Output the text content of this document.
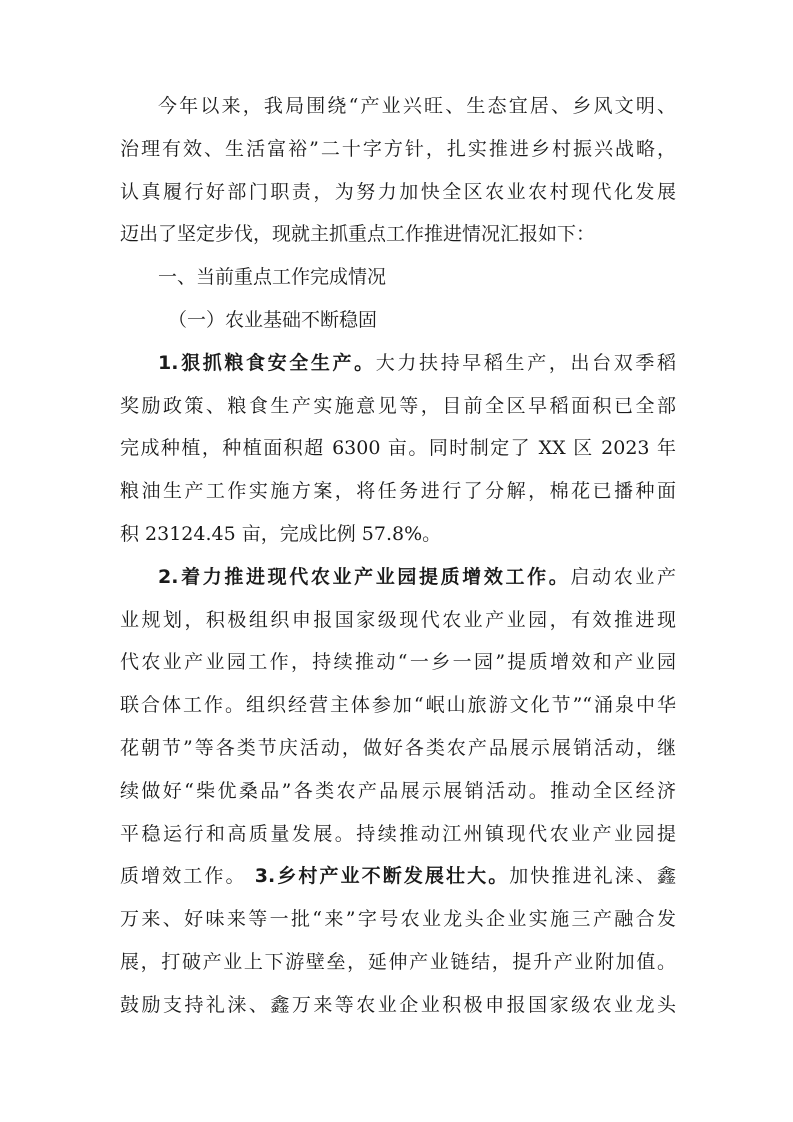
今年以来，我局围绕“产业兴旺、生态宜居、乡风文明、
治理有效、生活富裕”二十字方针，扎实推进乡村振兴战略，
认真履行好部门职责，为努力加快全区农业农村现代化发展
迈出了坚定步伐，现就主抓重点工作推进情况汇报如下：
一、当前重点工作完成情况
（一）农业基础不断稳固
1.狠抓粮食安全生产。大力扶持早稻生产，出台双季稻
奖励政策、粮食生产实施意见等，目前全区早稻面积已全部
完成种植，种植面积超 6300 亩。同时制定了 XX 区 2023 年
粮油生产工作实施方案，将任务进行了分解，棉花已播种面
积 23124.45 亩，完成比例 57.8%。
2.着力推进现代农业产业园提质增效工作。启动农业产
业规划，积极组织申报国家级现代农业产业园，有效推进现
代农业产业园工作，持续推动“一乡一园”提质增效和产业园
联合体工作。组织经营主体参加“岷山旅游文化节”“涌泉中华
花朝节”等各类节庆活动，做好各类农产品展示展销活动，继
续做好“柴优桑品”各类农产品展示展销活动。推动全区经济
平稳运行和高质量发展。持续推动江州镇现代农业产业园提
质增效工作。 3.乡村产业不断发展壮大。加快推进礼涞、鑫
万来、好味来等一批“来”字号农业龙头企业实施三产融合发
展，打破产业上下游壁垒，延伸产业链结，提升产业附加值。
鼓励支持礼涞、鑫万来等农业企业积极申报国家级农业龙头
